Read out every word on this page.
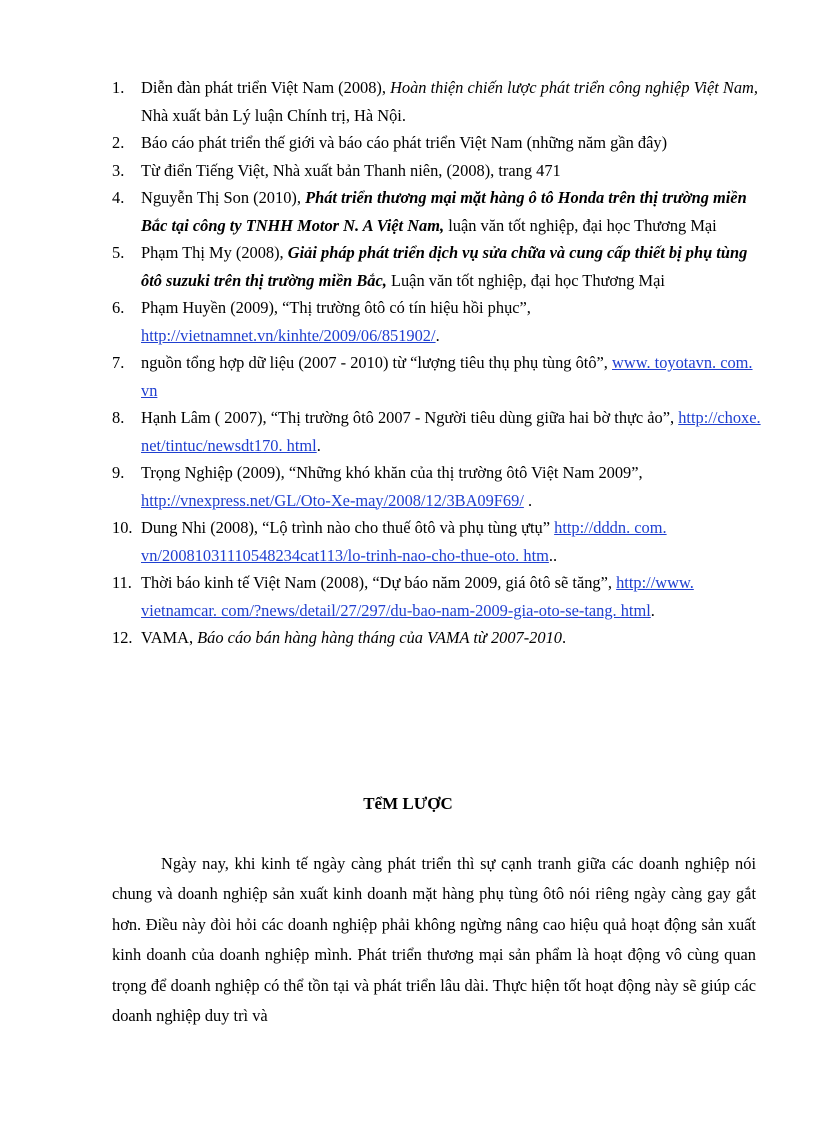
1. Diễn đàn phát triển Việt Nam (2008), Hoàn thiện chiến lược phát triển công nghiệp Việt Nam, Nhà xuất bản Lý luận Chính trị, Hà Nội.
2. Báo cáo phát triển thế giới và báo cáo phát triển Việt Nam (những năm gần đây)
3. Từ điển Tiếng Việt, Nhà xuất bản Thanh niên, (2008), trang 471
4. Nguyễn Thị Son (2010), Phát triển thương mại mặt hàng ô tô Honda trên thị trường miền Bắc tại công ty TNHH Motor N. A Việt Nam, luận văn tốt nghiệp, đại học Thương Mại
5. Phạm Thị My (2008), Giải pháp phát triển dịch vụ sửa chữa và cung cấp thiết bị phụ tùng ôtô suzuki trên thị trường miền Bắc, Luận văn tốt nghiệp, đại học Thương Mại
6. Phạm Huyền (2009), “Thị trường ôtô có tín hiệu hồi phục”, http://vietnamnet.vn/kinhte/2009/06/851902/.
7. nguồn tổng hợp dữ liệu (2007 - 2010) từ “lượng tiêu thụ phụ tùng ôtô”, www. toyotavn. com. vn
8. Hạnh Lâm ( 2007), “Thị trường ôtô 2007 - Người tiêu dùng giữa hai bờ thực ảo”, http://choxe. net/tintuc/newsdt170. html.
9. Trọng Nghiệp (2009), “Những khó khăn của thị trường ôtô Việt Nam 2009”, http://vnexpress.net/GL/Oto-Xe-may/2008/12/3BA09F69/ .
10. Dung Nhi (2008), “Lộ trình nào cho thuế ôtô và phụ tùng ựtụ” http://dddn. com. vn/20081031110548234cat113/lo-trinh-nao-cho-thue-oto. htm..
11. Thời báo kinh tế Việt Nam (2008), “Dự báo năm 2009, giá ôtô sẽ tăng”, http://www. vietnamcar. com/?news/detail/27/297/du-bao-nam-2009-gia-oto-se-tang. html.
12. VAMA, Báo cáo bán hàng hàng tháng của VAMA từ 2007-2010.
TểM LƯỢC

Ngày nay, khi kinh tế ngày càng phát triển thì sự cạnh tranh giữa các doanh nghiệp nói chung và doanh nghiệp sản xuất kinh doanh mặt hàng phụ tùng ôtô nói riêng ngày càng gay gắt hơn. Điều này đòi hỏi các doanh nghiệp phải không ngừng nâng cao hiệu quả hoạt động sản xuất kinh doanh của doanh nghiệp mình. Phát triển thương mại sản phẩm là hoạt động vô cùng quan trọng để doanh nghiệp có thể tồn tại và phát triển lâu dài. Thực hiện tốt hoạt động này sẽ giúp các doanh nghiệp duy trì và
